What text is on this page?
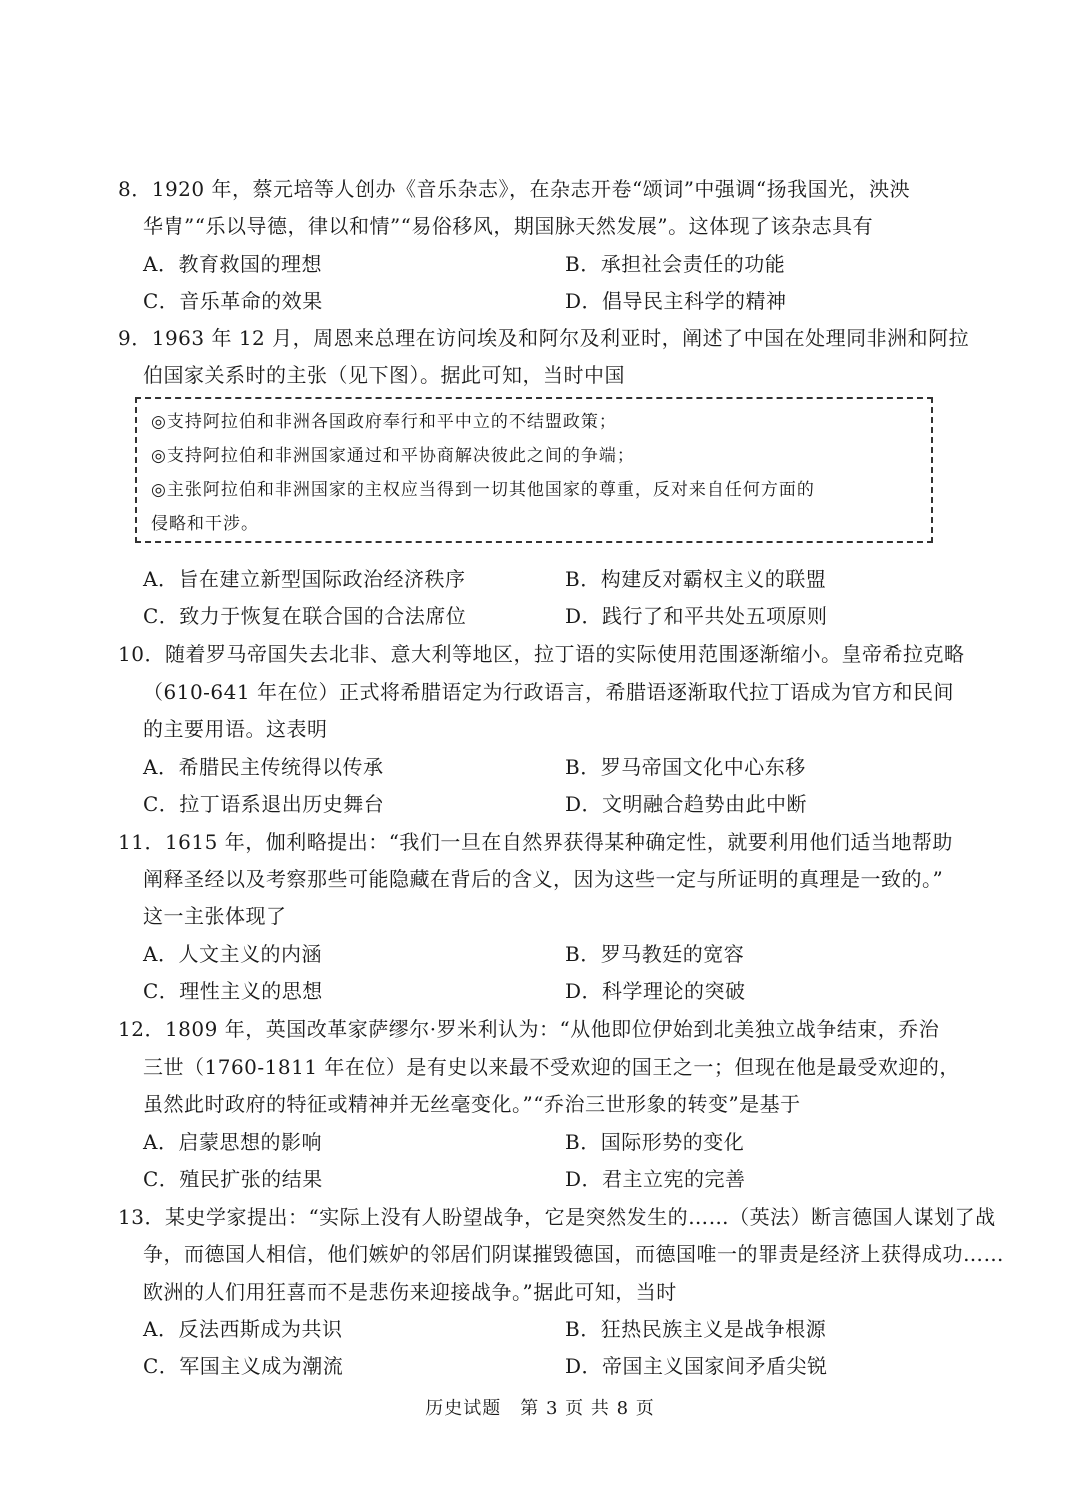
8．1920 年，蔡元培等人创办《音乐杂志》，在杂志开卷“颂词”中强调“扬我国光，泱泱
华胄”“乐以导德，律以和情”“易俗移风，期国脉天然发展”。这体现了该杂志具有
A．教育救国的理想	B．承担社会责任的功能
C．音乐革命的效果	D．倡导民主科学的精神
9．1963 年 12 月，周恩来总理在访问埃及和阿尔及利亚时，阐述了中国在处理同非洲和阿拉
伯国家关系时的主张（见下图）。据此可知，当时中国
◎支持阿拉伯和非洲各国政府奉行和平中立的不结盟政策；
◎支持阿拉伯和非洲国家通过和平协商解决彼此之间的争端；
◎主张阿拉伯和非洲国家的主权应当得到一切其他国家的尊重，反对来自任何方面的
侵略和干涉。
A．旨在建立新型国际政治经济秩序	B．构建反对霸权主义的联盟
C．致力于恢复在联合国的合法席位	D．践行了和平共处五项原则
10．随着罗马帝国失去北非、意大利等地区，拉丁语的实际使用范围逐渐缩小。皇帝希拉克略
（610-641 年在位）正式将希腊语定为行政语言，希腊语逐渐取代拉丁语成为官方和民间
的主要用语。这表明
A．希腊民主传统得以传承	B．罗马帝国文化中心东移
C．拉丁语系退出历史舞台	D．文明融合趋势由此中断
11．1615 年，伽利略提出：“我们一旦在自然界获得某种确定性，就要利用他们适当地帮助
阐释圣经以及考察那些可能隐藏在背后的含义，因为这些一定与所证明的真理是一致的。”
这一主张体现了
A．人文主义的内涵	B．罗马教廷的宽容
C．理性主义的思想	D．科学理论的突破
12．1809 年，英国改革家萨缪尔·罗米利认为：“从他即位伊始到北美独立战争结束，乔治
三世（1760-1811 年在位）是有史以来最不受欢迎的国王之一；但现在他是最受欢迎的，
虽然此时政府的特征或精神并无丝毫变化。”“乔治三世形象的转变”是基于
A．启蒙思想的影响	B．国际形势的变化
C．殖民扩张的结果	D．君主立宪的完善
13．某史学家提出：“实际上没有人盼望战争，它是突然发生的……（英法）断言德国人谋划了战
争，而德国人相信，他们嫉妒的邻居们阴谋摧毁德国，而德国唯一的罪责是经济上获得成功……
欧洲的人们用狂喜而不是悲伤来迎接战争。”据此可知，当时
A．反法西斯成为共识	B．狂热民族主义是战争根源
C．军国主义成为潮流	D．帝国主义国家间矛盾尖锐
历史试题　第 3 页 共 8 页
